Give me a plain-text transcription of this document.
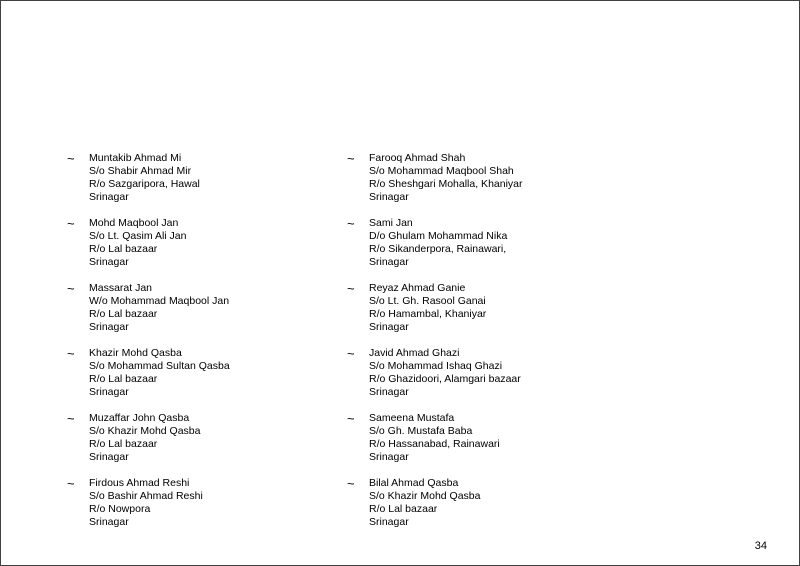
~ Muntakib Ahmad Mi
S/o Shabir Ahmad Mir
R/o Sazgaripora, Hawal
Srinagar
~ Mohd Maqbool Jan
S/o Lt. Qasim Ali Jan
R/o Lal bazaar
Srinagar
~ Massarat Jan
W/o Mohammad Maqbool Jan
R/o Lal bazaar
Srinagar
~ Khazir Mohd Qasba
S/o Mohammad Sultan Qasba
R/o Lal bazaar
Srinagar
~ Muzaffar John Qasba
S/o Khazir Mohd Qasba
R/o Lal bazaar
Srinagar
~ Firdous Ahmad Reshi
S/o Bashir Ahmad Reshi
R/o Nowpora
Srinagar
~ Farooq Ahmad Shah
S/o Mohammad Maqbool Shah
R/o Sheshgari Mohalla, Khaniyar
Srinagar
~ Sami Jan
D/o Ghulam Mohammad Nika
R/o Sikanderpora, Rainawari,
Srinagar
~ Reyaz Ahmad Ganie
S/o Lt. Gh. Rasool Ganai
R/o Hamambal, Khaniyar
Srinagar
~ Javid Ahmad Ghazi
S/o Mohammad Ishaq Ghazi
R/o Ghazidoori, Alamgari bazaar
Srinagar
~ Sameena Mustafa
S/o Gh. Mustafa Baba
R/o Hassanabad, Rainawari
Srinagar
~ Bilal Ahmad Qasba
S/o Khazir Mohd Qasba
R/o Lal bazaar
Srinagar
34
